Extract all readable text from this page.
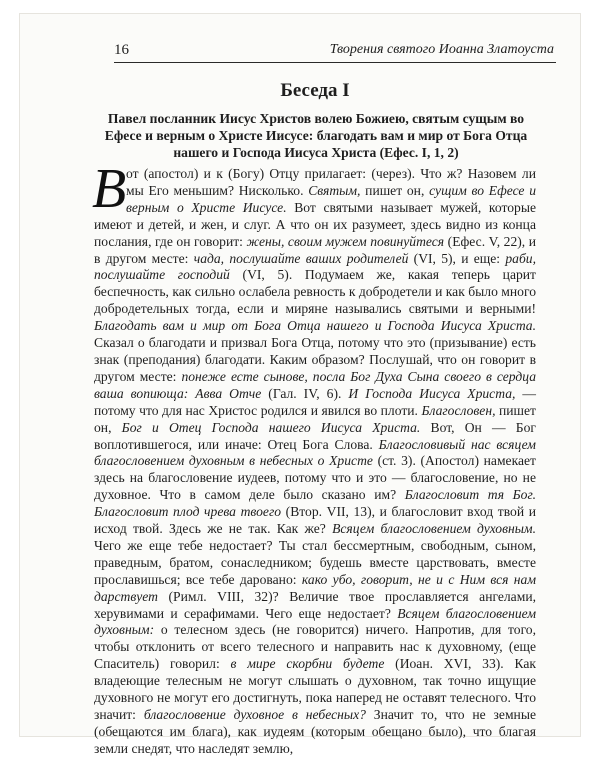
16	Творения святого Иоанна Златоуста
Беседа I
Павел посланник Иисус Христов волею Божиею, святым сущым во Ефесе и верным о Христе Иисусе: благодать вам и мир от Бога Отца нашего и Господа Иисуса Христа (Ефес. I, 1, 2)
В от (апостол) и к (Богу) Отцу прилагает: (через). Что ж? Назовем ли мы Его меньшим? Нисколько. Святым, пишет он, сущим во Ефесе и верным о Христе Иисусе. Вот святыми называет мужей, которые имеют и детей, и жен, и слуг. А что он их разумеет, здесь видно из конца послания, где он говорит: жены, своим мужем повинуйтеся (Ефес. V, 22), и в другом месте: чада, послушайте ваших родителей (VI, 5), и еще: раби, послушайте господий (VI, 5). Подумаем же, какая теперь царит беспечность, как сильно ослабела ревность к добродетели и как было много добродетельных тогда, если и миряне назывались святыми и верными! Благодать вам и мир от Бога Отца нашего и Господа Иисуса Христа. Сказал о благодати и призвал Бога Отца, потому что это (призывание) есть знак (преподания) благодати. Каким образом? Послушай, что он говорит в другом месте: понеже есте сынове, посла Бог Духа Сына своего в сердца ваша вопиюща: Авва Отче (Гал. IV, 6). И Господа Иисуса Христа, — потому что для нас Христос родился и явился во плоти. Благословен, пишет он, Бог и Отец Господа нашего Иисуса Христа. Вот, Он — Бог воплотившегося, или иначе: Отец Бога Слова. Благословивый нас всяцем благословением духовным в небесных о Христе (ст. 3). (Апостол) намекает здесь на благословение иудеев, потому что и это — благословение, но не духовное. Что в самом деле было сказано им? Благословит тя Бог. Благословит плод чрева твоего (Втор. VII, 13), и благословит вход твой и исход твой. Здесь же не так. Как же? Всяцем благословением духовным. Чего же еще тебе недостает? Ты стал бессмертным, свободным, сыном, праведным, братом, сонаследником; будешь вместе царствовать, вместе прославишься; все тебе даровано: како убо, говорит, не и с Ним вся нам дарствует (Римл. VIII, 32)? Величие твое прославляется ангелами, херувимами и серафимами. Чего еще недостает? Всяцем благословением духовным: о телесном здесь (не говорится) ничего. Напротив, для того, чтобы отклонить от всего телесного и направить нас к духовному, (еще Спаситель) говорил: в мире скорбни будете (Иоан. XVI, 33). Как владеющие телесным не могут слышать о духовном, так точно ищущие духовного не могут его достигнуть, пока наперед не оставят телесного. Что значит: благословение духовное в небесных? Значит то, что не земные (обещаются им блага), как иудеям (которым обещано было), что благая земли снедят, что наследят землю,
